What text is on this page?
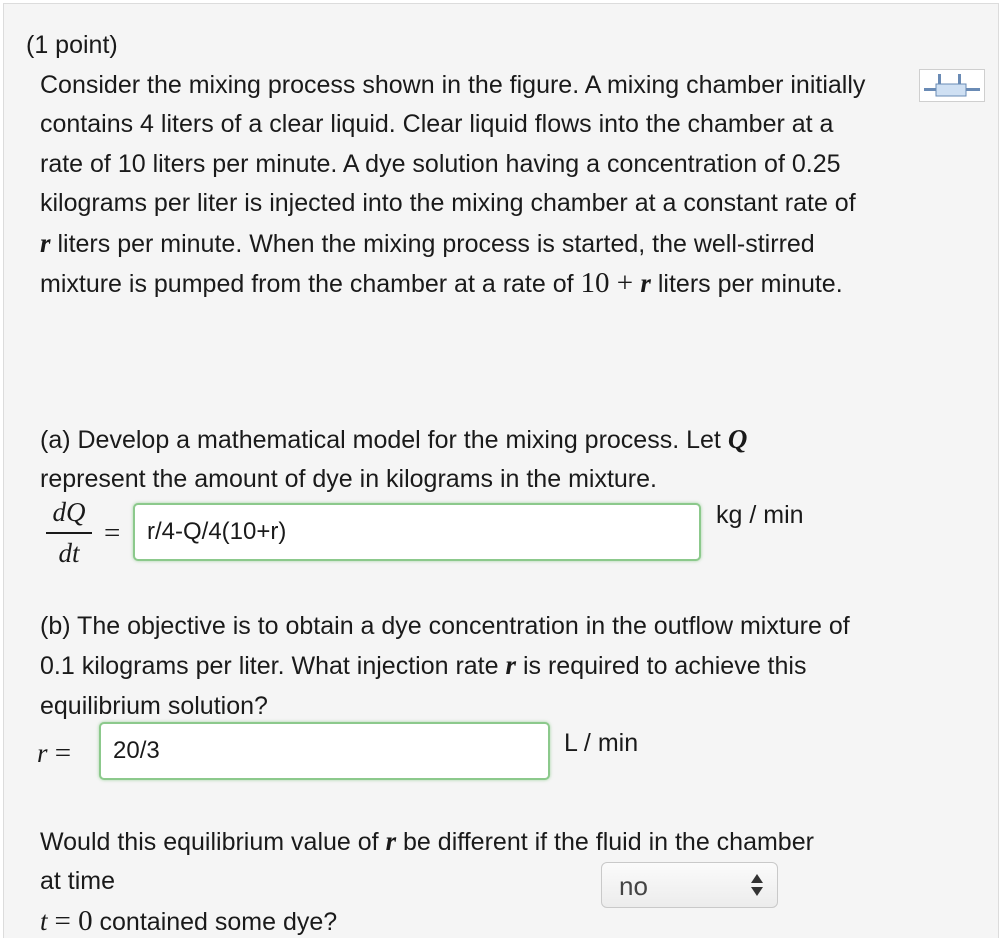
(1 point)
Consider the mixing process shown in the figure. A mixing chamber initially contains 4 liters of a clear liquid. Clear liquid flows into the chamber at a rate of 10 liters per minute. A dye solution having a concentration of 0.25 kilograms per liter is injected into the mixing chamber at a constant rate of r liters per minute. When the mixing process is started, the well-stirred mixture is pumped from the chamber at a rate of 10 + r liters per minute.
(a) Develop a mathematical model for the mixing process. Let Q
represent the amount of dye in kilograms in the mixture.
dQ
dt
=
r/4-Q/4(10+r)
kg / min
(b) The objective is to obtain a dye concentration in the outflow mixture of 0.1 kilograms per liter. What injection rate r is required to achieve this equilibrium solution?
r =
20/3	L / min
Would this equilibrium value of r be different if the fluid in the chamber at time
t = 0 contained some dye?
no
